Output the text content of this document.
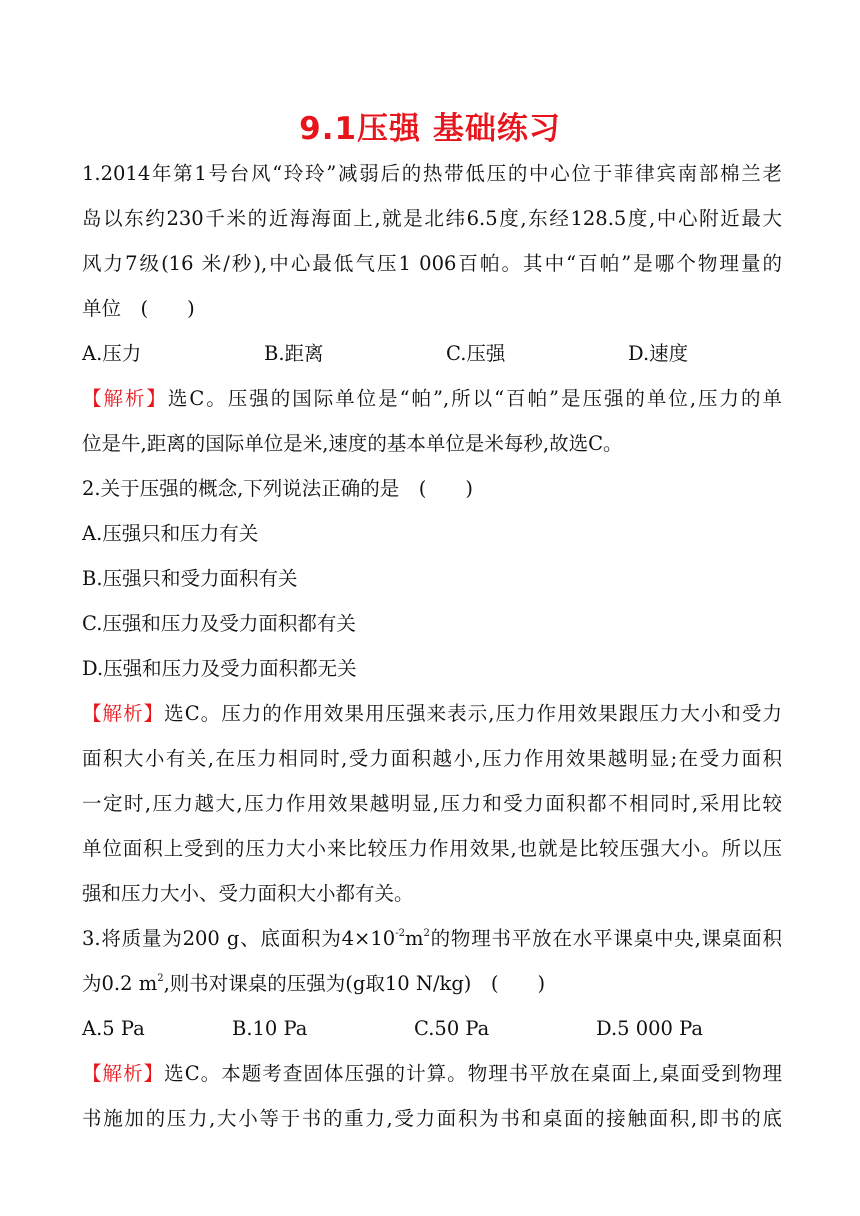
9.1压强 基础练习
1.2014年第1号台风“玲玲”减弱后的热带低压的中心位于菲律宾南部棉兰老
岛以东约230千米的近海海面上,就是北纬6.5度,东经128.5度,中心附近最大
风力7级(16 米/秒),中心最低气压1 006百帕。其中“百帕”是哪个物理量的
单位　(　　)
A.压力	B.距离	C.压强	D.速度
【解析】选C。压强的国际单位是“帕”,所以“百帕”是压强的单位,压力的单
位是牛,距离的国际单位是米,速度的基本单位是米每秒,故选C。
2.关于压强的概念,下列说法正确的是　(　　)
A.压强只和压力有关
B.压强只和受力面积有关
C.压强和压力及受力面积都有关
D.压强和压力及受力面积都无关
【解析】选C。压力的作用效果用压强来表示,压力作用效果跟压力大小和受力
面积大小有关,在压力相同时,受力面积越小,压力作用效果越明显;在受力面积
一定时,压力越大,压力作用效果越明显,压力和受力面积都不相同时,采用比较
单位面积上受到的压力大小来比较压力作用效果,也就是比较压强大小。所以压
强和压力大小、受力面积大小都有关。
3.将质量为200 g、底面积为$4\times 10^{-2}m^2$的物理书平放在水平课桌中央,课桌面积
为0.2 $m^2$,则书对课桌的压强为(g取10 N/kg)　(　　)
A.5 Pa	B.10 Pa	C.50 Pa	D.5 000 Pa
【解析】选C。本题考查固体压强的计算。物理书平放在桌面上,桌面受到物理
书施加的压力,大小等于书的重力,受力面积为书和桌面的接触面积,即书的底
